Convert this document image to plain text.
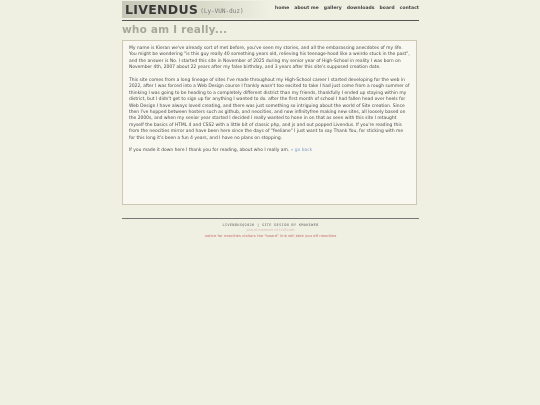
LIVENDUS (Ly-VUN-duz)	home about me gallery downloads board contact
who am I really...

My name is Kieran we've already sort of met before, you've seen my stories, and all the embarassing anecdotes of my life. You might be wondering "is this guy really 40 something years old, relieving his teenage-hood like a weirdo stuck in the past", and the answer is No. I started this site in November of 2025 during my senior year of High-School in reality I was born on November 4th, 2007 about 22 years after my false birthday, and 3 years after this site's supposed creation date.

This site comes from a long lineage of sites I've made throughout my High-School career I started developing for the web in 2022, after I was forced into a Web Design course I frankly wasn't too excited to take I had just come from a rough summer of thinking I was going to be heading to a completely different district than my friends, thankfully I ended up staying within my district, but I didn't get to sign up for anything I wanted to do. after the first month of school I had fallen head over heels for Web Design I have always loved creating, and there was just something so intriguing about the world of Site creation. Since then I've hopped between hosters such as github, and neocities, and now infinityfree making new sites, all loosely based on the 2000s, and when my senior year started I decided I really wanted to hone in on that as seen with this site I retaught myself the basics of HTML 4 and CSS2 with a little bit of classic php, and js and out popped Livendus. If you're reading this from the neocities mirror and have been here since the days of "feeliane" I just want to say Thank You, for sticking with me for this long it's been a fun 4 years, and I have no plans on stopping.

If you made it down here I thank you for reading, about who I really am. « go back

LIVENDUS@2026 | SITE DESIGN BY KMAKEWEB
proud member of LIVEcafe
notice for neocities visitors the "board" link will take you off neocities
